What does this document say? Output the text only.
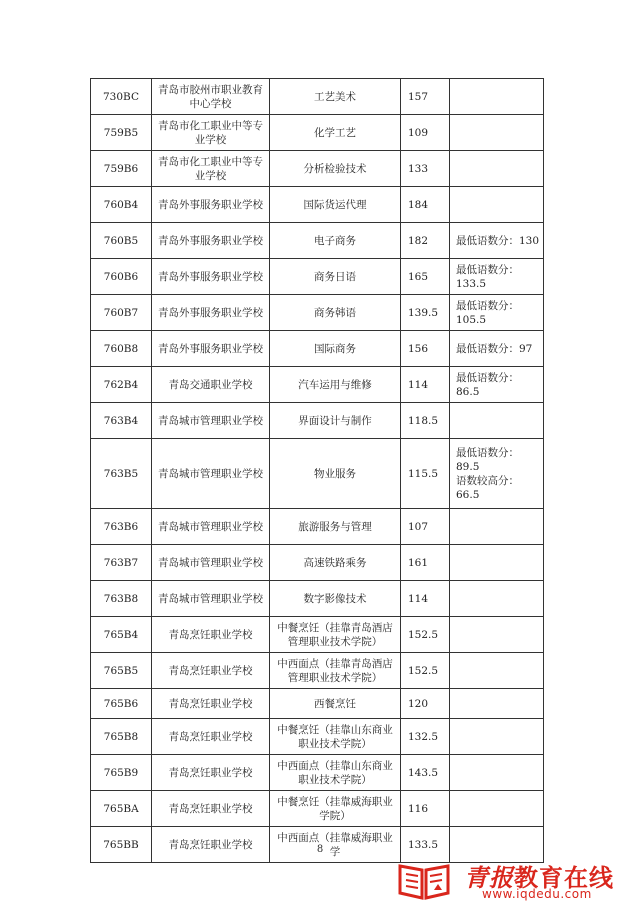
730BC	青岛市胶州市职业教育中心学校	工艺美术	157	
759B5	青岛市化工职业中等专业学校	化学工艺	109	
759B6	青岛市化工职业中等专业学校	分析检验技术	133	
760B4	青岛外事服务职业学校	国际货运代理	184	
760B5	青岛外事服务职业学校	电子商务	182	最低语数分：130

760B6	青岛外事服务职业学校	商务日语	165	最低语数分：
133.5

760B7	青岛外事服务职业学校	商务韩语	139.5	最低语数分：
105.5

760B8	青岛外事服务职业学校	国际商务	156	最低语数分：97

762B4	青岛交通职业学校	汽车运用与维修	114	最低语数分：
86.5

763B4	青岛城市管理职业学校	界面设计与制作	118.5	
763B5	青岛城市管理职业学校	物业服务	115.5	最低语数分：
89.5
语数较高分：
66.5

763B6	青岛城市管理职业学校	旅游服务与管理	107	
763B7	青岛城市管理职业学校	高速铁路乘务	161	
763B8	青岛城市管理职业学校	数字影像技术	114	
765B4	青岛烹饪职业学校	中餐烹饪（挂靠青岛酒店管理职业技术学院）	152.5	
765B5	青岛烹饪职业学校	中西面点（挂靠青岛酒店管理职业技术学院）	152.5	
765B6	青岛烹饪职业学校	西餐烹饪	120	
765B8	青岛烹饪职业学校	中餐烹饪（挂靠山东商业职业技术学院）	132.5	
765B9	青岛烹饪职业学校	中西面点（挂靠山东商业职业技术学院）	143.5	
765BA	青岛烹饪职业学校	中餐烹饪（挂靠威海职业学院）	116	
765BB	青岛烹饪职业学校	中西面点（挂靠威海职业学	133.5	
8
青报教育在线
www.iqdedu.com
